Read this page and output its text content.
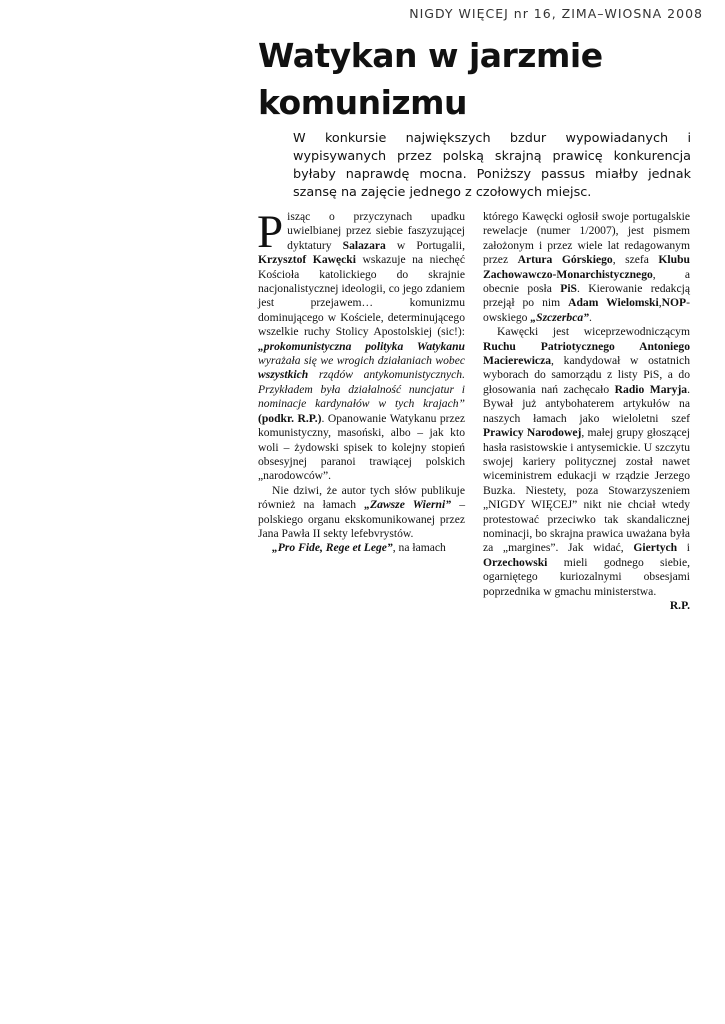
NIGDY WIĘCEJ nr 16, ZIMA–WIOSNA 2008
Watykan w jarzmie komunizmu

W konkursie największych bzdur wypowiadanych i wypisywanych przez polską skrajną prawicę konkurencja byłaby naprawdę mocna. Poniższy passus miałby jednak szansę na zajęcie jednego z czołowych miejsc.

Pisząc o przyczynach upadku uwielbianej przez siebie faszyzującej dyktatury Salazara w Portugalii, Krzysztof Kawęcki wskazuje na niechęć Kościoła katolickiego do skrajnie nacjonalistycznej ideologii, co jego zdaniem jest przejawem… komunizmu dominującego w Kościele, determinującego wszelkie ruchy Stolicy Apostolskiej (sic!): „prokomunistyczna polityka Watykanu wyrażała się we wrogich działaniach wobec wszystkich rządów antykomunistycznych. Przykładem była działalność nuncjatur i nominacje kardynałów w tych krajach” (podkr. R.P.). Opanowanie Watykanu przez komunistyczny, masoński, albo – jak kto woli – żydowski spisek to kolejny stopień obsesyjnej paranoi trawiącej polskich „narodowców”.

Nie dziwi, że autor tych słów publikuje również na łamach „Zawsze Wierni” – polskiego organu ekskomunikowanej przez Jana Pawła II sekty lefebvrystów.

„Pro Fide, Rege et Lege”, na łamach

którego Kawęcki ogłosił swoje portugalskie rewelacje (numer 1/2007), jest pismem założonym i przez wiele lat redagowanym przez Artura Górskiego, szefa Klubu Zachowawczo-Monarchistycznego, a obecnie posła PiS. Kierowanie redakcją przejął po nim Adam Wielomski,NOP-owskiego „Szczerbca”.

Kawęcki jest wiceprzewodniczącym Ruchu Patriotycznego Antoniego Macierewicza, kandydował w ostatnich wyborach do samorządu z listy PiS, a do głosowania nań zachęcało Radio Maryja. Bywał już antybohaterem artykułów na naszych łamach jako wieloletni szef Prawicy Narodowej, małej grupy głoszącej hasła rasistowskie i antysemickie. U szczytu swojej kariery politycznej został nawet wiceministrem edukacji w rządzie Jerzego Buzka. Niestety, poza Stowarzyszeniem „NIGDY WIĘCEJ” nikt nie chciał wtedy protestować przeciwko tak skandalicznej nominacji, bo skrajna prawica uważana była za „margines”. Jak widać, Giertych i Orzechowski mieli godnego siebie, ogarniętego kuriozalnymi obsesjami poprzednika w gmachu ministerstwa.

R.P.
